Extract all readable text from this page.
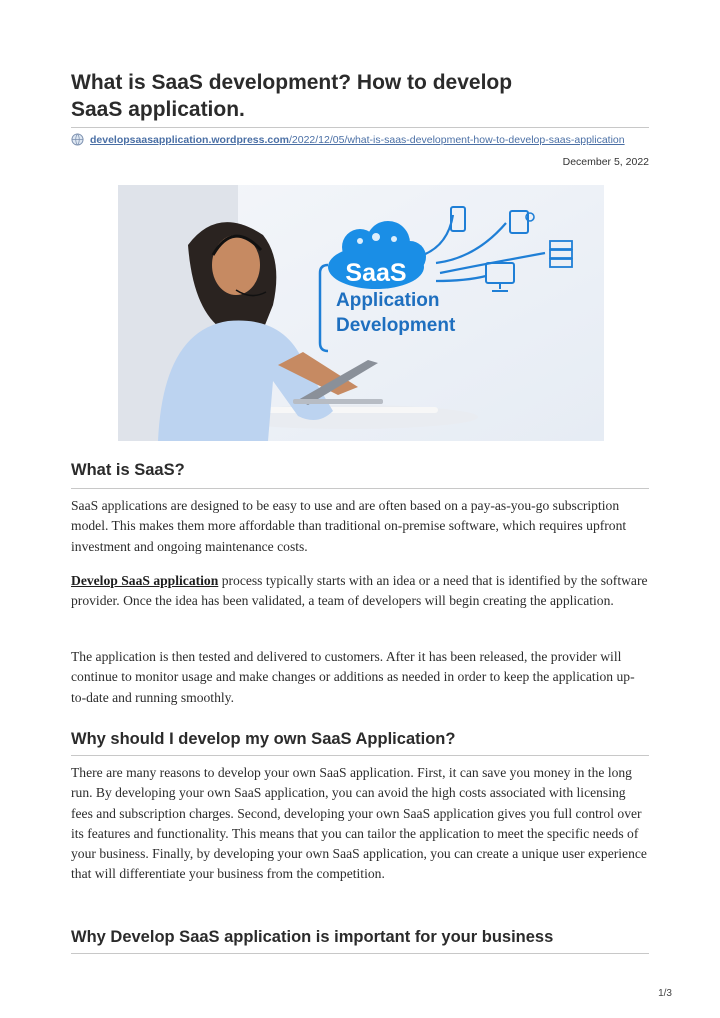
What is SaaS development? How to develop SaaS application.
developsaasapplication.wordpress.com /2022/12/05/what-is-saas-development-how-to-develop-saas-application
December 5, 2022
SaaS
Application
Development
What is SaaS?

SaaS applications are designed to be easy to use and are often based on a pay-as-you-go subscription model. This makes them more affordable than traditional on-premise software, which requires upfront investment and ongoing maintenance costs.

Develop SaaS application process typically starts with an idea or a need that is identified by the software provider. Once the idea has been validated, a team of developers will begin creating the application.

The application is then tested and delivered to customers. After it has been released, the provider will continue to monitor usage and make changes or additions as needed in order to keep the application up-to-date and running smoothly.

Why should I develop my own SaaS Application?

There are many reasons to develop your own SaaS application. First, it can save you money in the long run. By developing your own SaaS application, you can avoid the high costs associated with licensing fees and subscription charges. Second, developing your own SaaS application gives you full control over its features and functionality. This means that you can tailor the application to meet the specific needs of your business. Finally, by developing your own SaaS application, you can create a unique user experience that will differentiate your business from the competition.

Why Develop SaaS application is important for your business
1/3
